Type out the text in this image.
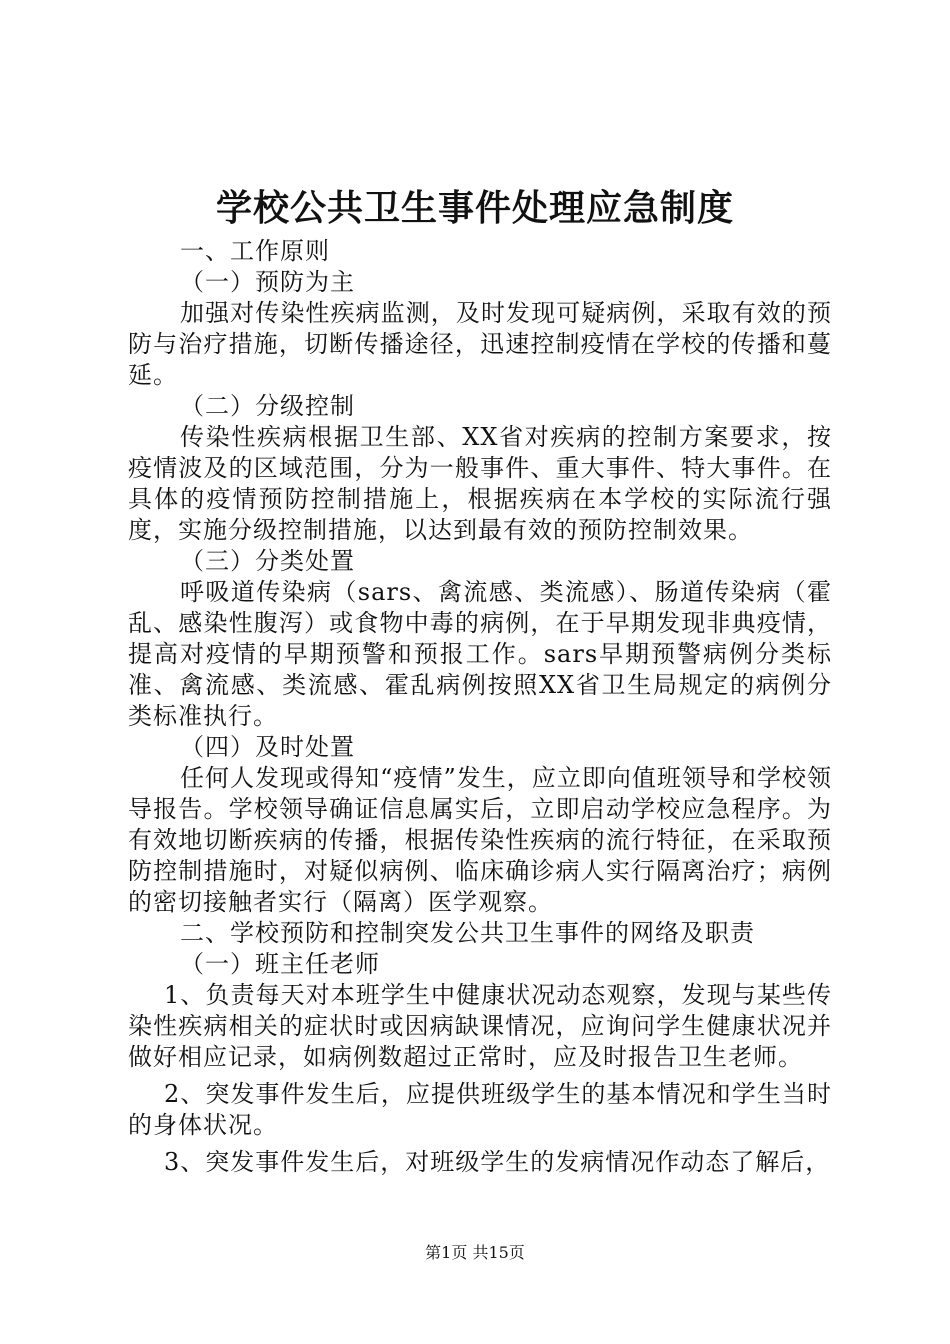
学校公共卫生事件处理应急制度

一、工作原则

（一）预防为主

加强对传染性疾病监测，及时发现可疑病例，采取有效的预防与治疗措施，切断传播途径，迅速控制疫情在学校的传播和蔓延。

（二）分级控制

传染性疾病根据卫生部、XX省对疾病的控制方案要求，按疫情波及的区域范围，分为一般事件、重大事件、特大事件。在具体的疫情预防控制措施上，根据疾病在本学校的实际流行强度，实施分级控制措施，以达到最有效的预防控制效果。

（三）分类处置

呼吸道传染病（sars、禽流感、类流感）、肠道传染病（霍乱、感染性腹泻）或食物中毒的病例，在于早期发现非典疫情，提高对疫情的早期预警和预报工作。sars早期预警病例分类标准、禽流感、类流感、霍乱病例按照XX省卫生局规定的病例分类标准执行。

（四）及时处置

任何人发现或得知“疫情”发生，应立即向值班领导和学校领导报告。学校领导确证信息属实后，立即启动学校应急程序。为有效地切断疾病的传播，根据传染性疾病的流行特征，在采取预防控制措施时，对疑似病例、临床确诊病人实行隔离治疗；病例的密切接触者实行（隔离）医学观察。

二、学校预防和控制突发公共卫生事件的网络及职责

（一）班主任老师

1、负责每天对本班学生中健康状况动态观察，发现与某些传染性疾病相关的症状时或因病缺课情况，应询问学生健康状况并做好相应记录，如病例数超过正常时，应及时报告卫生老师。

2、突发事件发生后，应提供班级学生的基本情况和学生当时的身体状况。

3、突发事件发生后，对班级学生的发病情况作动态了解后，

第1页 共15页
